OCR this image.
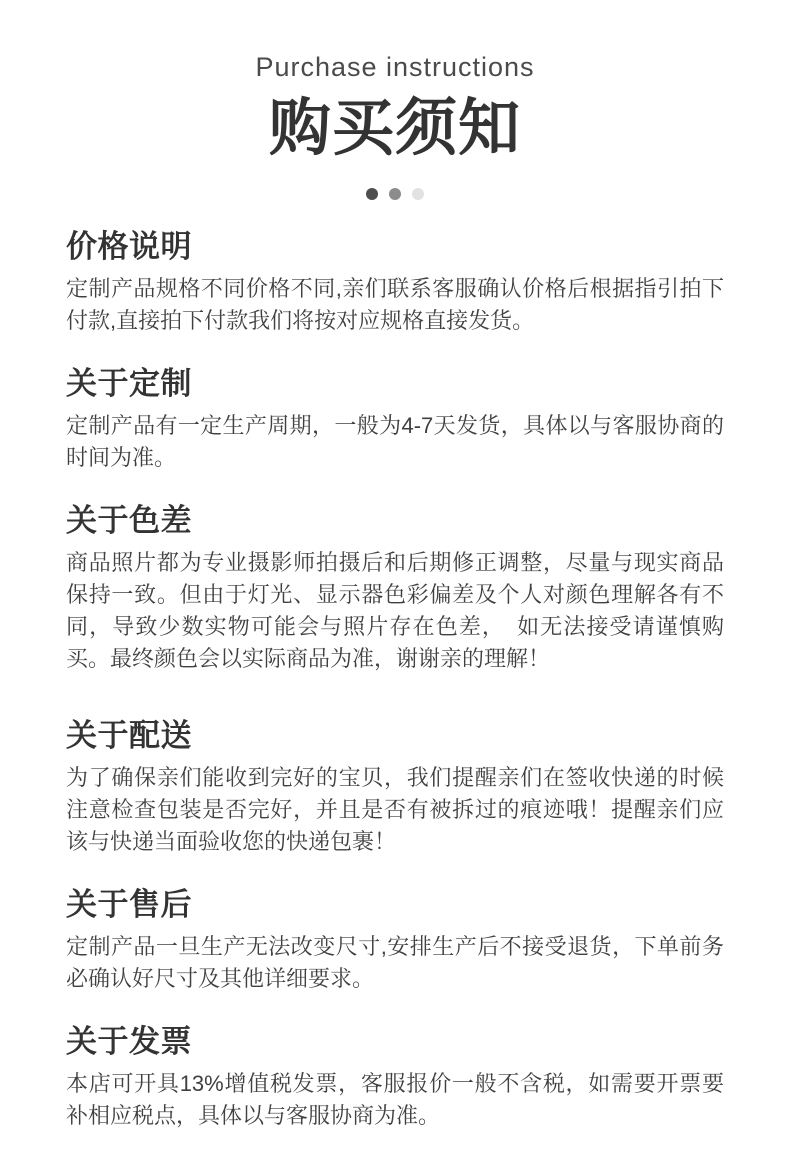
Purchase instructions
购买须知
价格说明

定制产品规格不同价格不同,亲们联系客服确认价格后根据指引拍下付款,直接拍下付款我们将按对应规格直接发货。

关于定制

定制产品有一定生产周期，一般为4-7天发货，具体以与客服协商的时间为准。

关于色差

商品照片都为专业摄影师拍摄后和后期修正调整，尽量与现实商品保持一致。但由于灯光、显示器色彩偏差及个人对颜色理解各有不同，导致少数实物可能会与照片存在色差，　如无法接受请谨慎购买。最终颜色会以实际商品为准，谢谢亲的理解！

关于配送

为了确保亲们能收到完好的宝贝，我们提醒亲们在签收快递的时候注意检查包装是否完好，并且是否有被拆过的痕迹哦！提醒亲们应该与快递当面验收您的快递包裹！

关于售后

定制产品一旦生产无法改变尺寸,安排生产后不接受退货，下单前务必确认好尺寸及其他详细要求。

关于发票

本店可开具13%增值税发票，客服报价一般不含税，如需要开票要补相应税点，具体以与客服协商为准。
